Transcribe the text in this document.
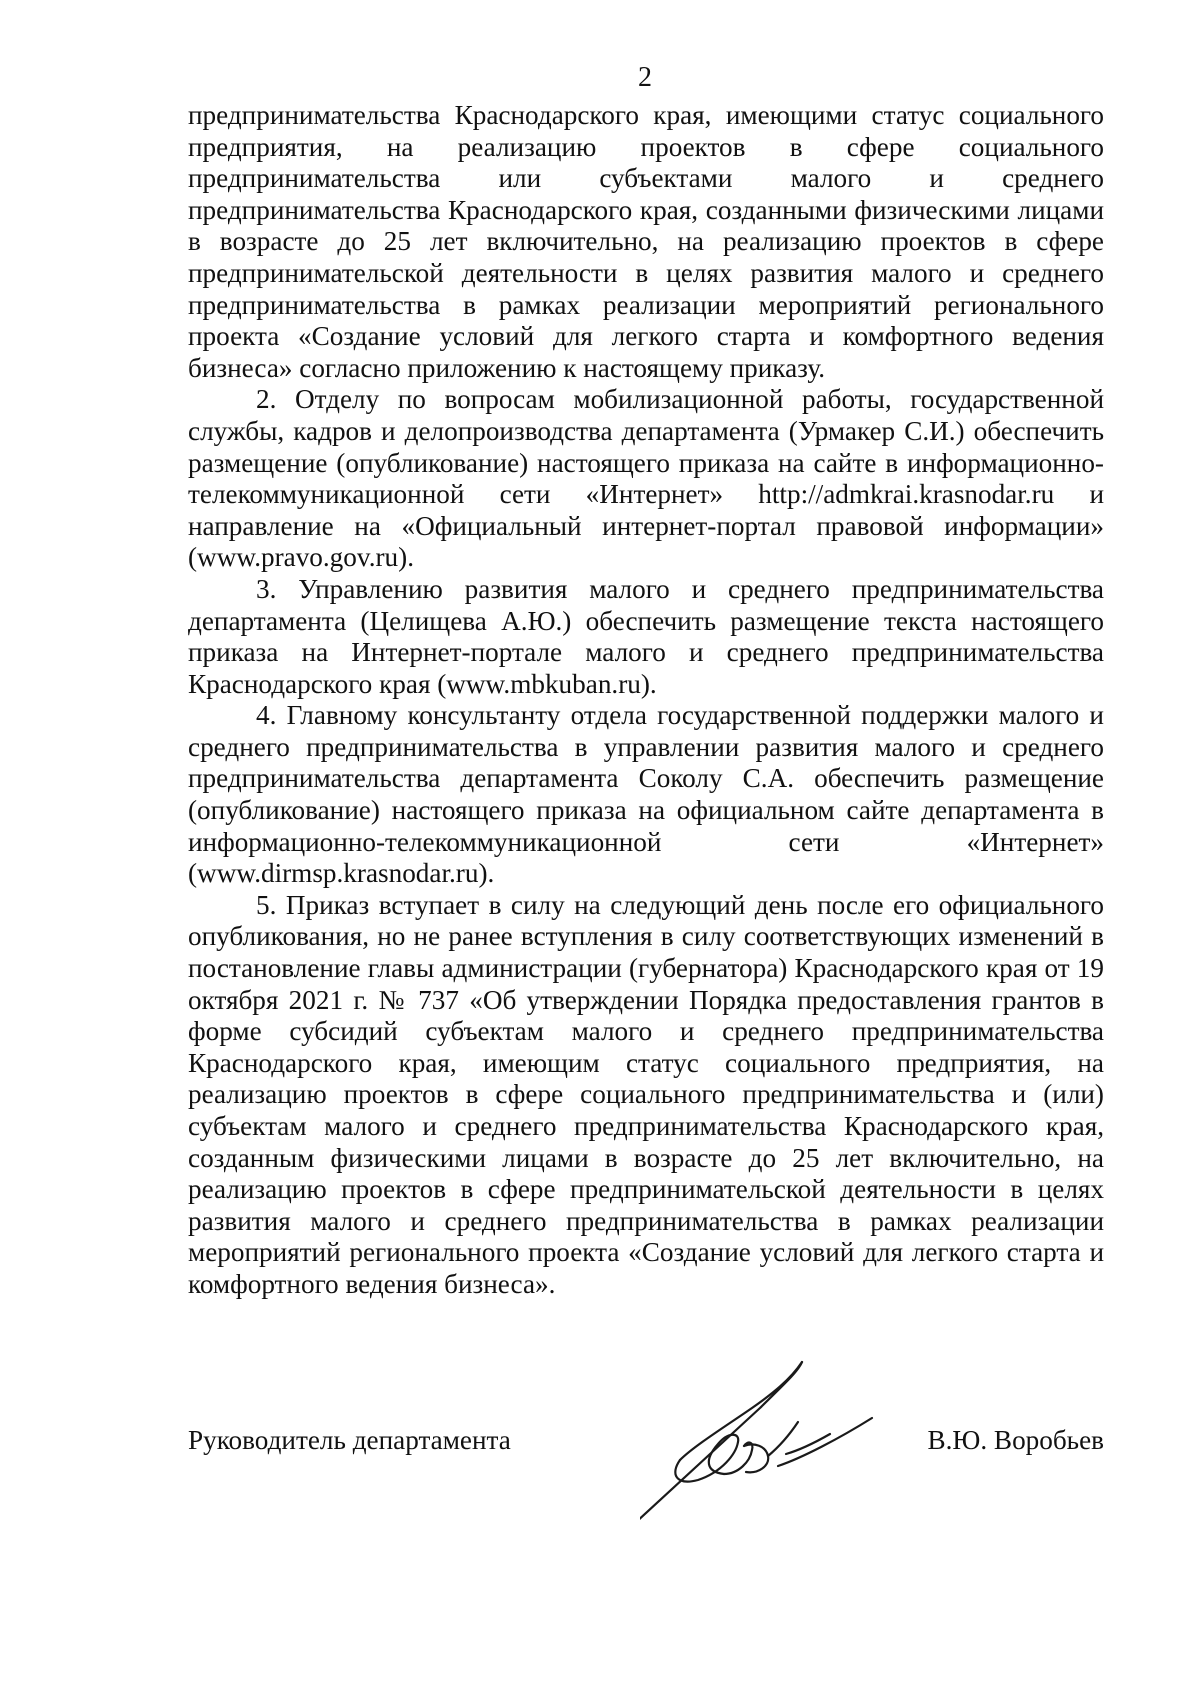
2

предпринимательства Краснодарского края, имеющими статус социального предприятия, на реализацию проектов в сфере социального предпринимательства или субъектами малого и среднего предпринимательства Краснодарского края, созданными физическими лицами в возрасте до 25 лет включительно, на реализацию проектов в сфере предпринимательской деятельности в целях развития малого и среднего предпринимательства в рамках реализации мероприятий регионального проекта «Создание условий для легкого старта и комфортного ведения бизнеса» согласно приложению к настоящему приказу.

2. Отделу по вопросам мобилизационной работы, государственной службы, кадров и делопроизводства департамента (Урмакер С.И.) обеспечить размещение (опубликование) настоящего приказа на сайте в информационно-телекоммуникационной сети «Интернет» http://admkrai.krasnodar.ru и направление на «Официальный интернет-портал правовой информации» (www.pravo.gov.ru).

3. Управлению развития малого и среднего предпринимательства департамента (Целищева А.Ю.) обеспечить размещение текста настоящего приказа на Интернет-портале малого и среднего предпринимательства Краснодарского края (www.mbkuban.ru).

4. Главному консультанту отдела государственной поддержки малого и среднего предпринимательства в управлении развития малого и среднего предпринимательства департамента Соколу С.А. обеспечить размещение (опубликование) настоящего приказа на официальном сайте департамента в информационно-телекоммуникационной сети «Интернет» (www.dirmsp.krasnodar.ru).

5. Приказ вступает в силу на следующий день после его официального опубликования, но не ранее вступления в силу соответствующих изменений в постановление главы администрации (губернатора) Краснодарского края от 19 октября 2021 г. № 737 «Об утверждении Порядка предоставления грантов в форме субсидий субъектам малого и среднего предпринимательства Краснодарского края, имеющим статус социального предприятия, на реализацию проектов в сфере социального предпринимательства и (или) субъектам малого и среднего предпринимательства Краснодарского края, созданным физическими лицами в возрасте до 25 лет включительно, на реализацию проектов в сфере предпринимательской деятельности в целях развития малого и среднего предпринимательства в рамках реализации мероприятий регионального проекта «Создание условий для легкого старта и комфортного ведения бизнеса».

Руководитель департамента	В.Ю. Воробьев
